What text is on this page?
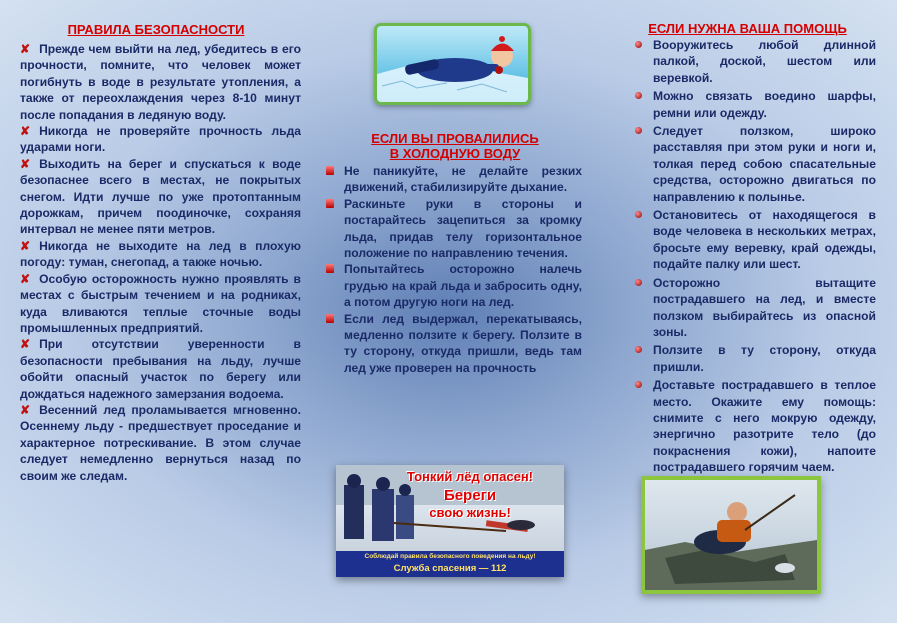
ПРАВИЛА БЕЗОПАСНОСТИ
✘ Прежде чем выйти на лед, убедитесь в его прочности, помните, что человек может погибнуть в воде в результате утопления, а также от переохлаждения через 8-10 минут после попадания в ледяную воду.
✘ Никогда не проверяйте прочность льда ударами ноги.
✘ Выходить на берег и спускаться к воде безопаснее всего в местах, не покрытых снегом. Идти лучше по уже протоптанным дорожкам, причем поодиночке, сохраняя интервал не менее пяти метров.
✘ Никогда не выходите на лед в плохую погоду: туман, снегопад, а также ночью.
✘ Особую осторожность нужно проявлять в местах с быстрым течением и на родниках, куда вливаются теплые сточные воды промышленных предприятий.
✘ При отсутствии уверенности в безопасности пребывания на льду, лучше обойти опасный участок по берегу или дождаться надежного замерзания водоема.
✘ Весенний лед проламывается мгновенно. Осеннему льду - предшествует проседание и характерное потрескивание. В этом случае следует немедленно вернуться назад по своим же следам.
ЕСЛИ ВЫ ПРОВАЛИЛИСЬ
В ХОЛОДНУЮ ВОДУ
Не паникуйте, не делайте резких движений, стабилизируйте дыхание.
Раскиньте руки в стороны и постарайтесь зацепиться за кромку льда, придав телу горизонтальное положение по направлению течения.
Попытайтесь осторожно налечь грудью на край льда и забросить одну, а потом другую ноги на лед.
Если лед выдержал, перекатываясь, медленно ползите к берегу. Ползите в ту сторону, откуда пришли, ведь там лед уже проверен на прочность
Тонкий лёд опасен!
Береги
свою жизнь!
Соблюдай правила безопасного поведения на льду!
Служба спасения — 112
ЕСЛИ НУЖНА ВАША ПОМОЩЬ
Вооружитесь любой длинной палкой, доской, шестом или веревкой.
Можно связать воедино шарфы, ремни или одежду.
Следует ползком, широко расставляя при этом руки и ноги и, толкая перед собою спасательные средства, осторожно двигаться по направлению к полынье.
Остановитесь от находящегося в воде человека в нескольких метрах, бросьте ему веревку, край одежды, подайте палку или шест.
Осторожно вытащите пострадавшего на лед, и вместе ползком выбирайтесь из опасной зоны.
Ползите в ту сторону, откуда пришли.
Доставьте пострадавшего в теплое место. Окажите ему помощь: снимите с него мокрую одежду, энергично разотрите тело (до покраснения кожи), напоите пострадавшего горячим чаем.
